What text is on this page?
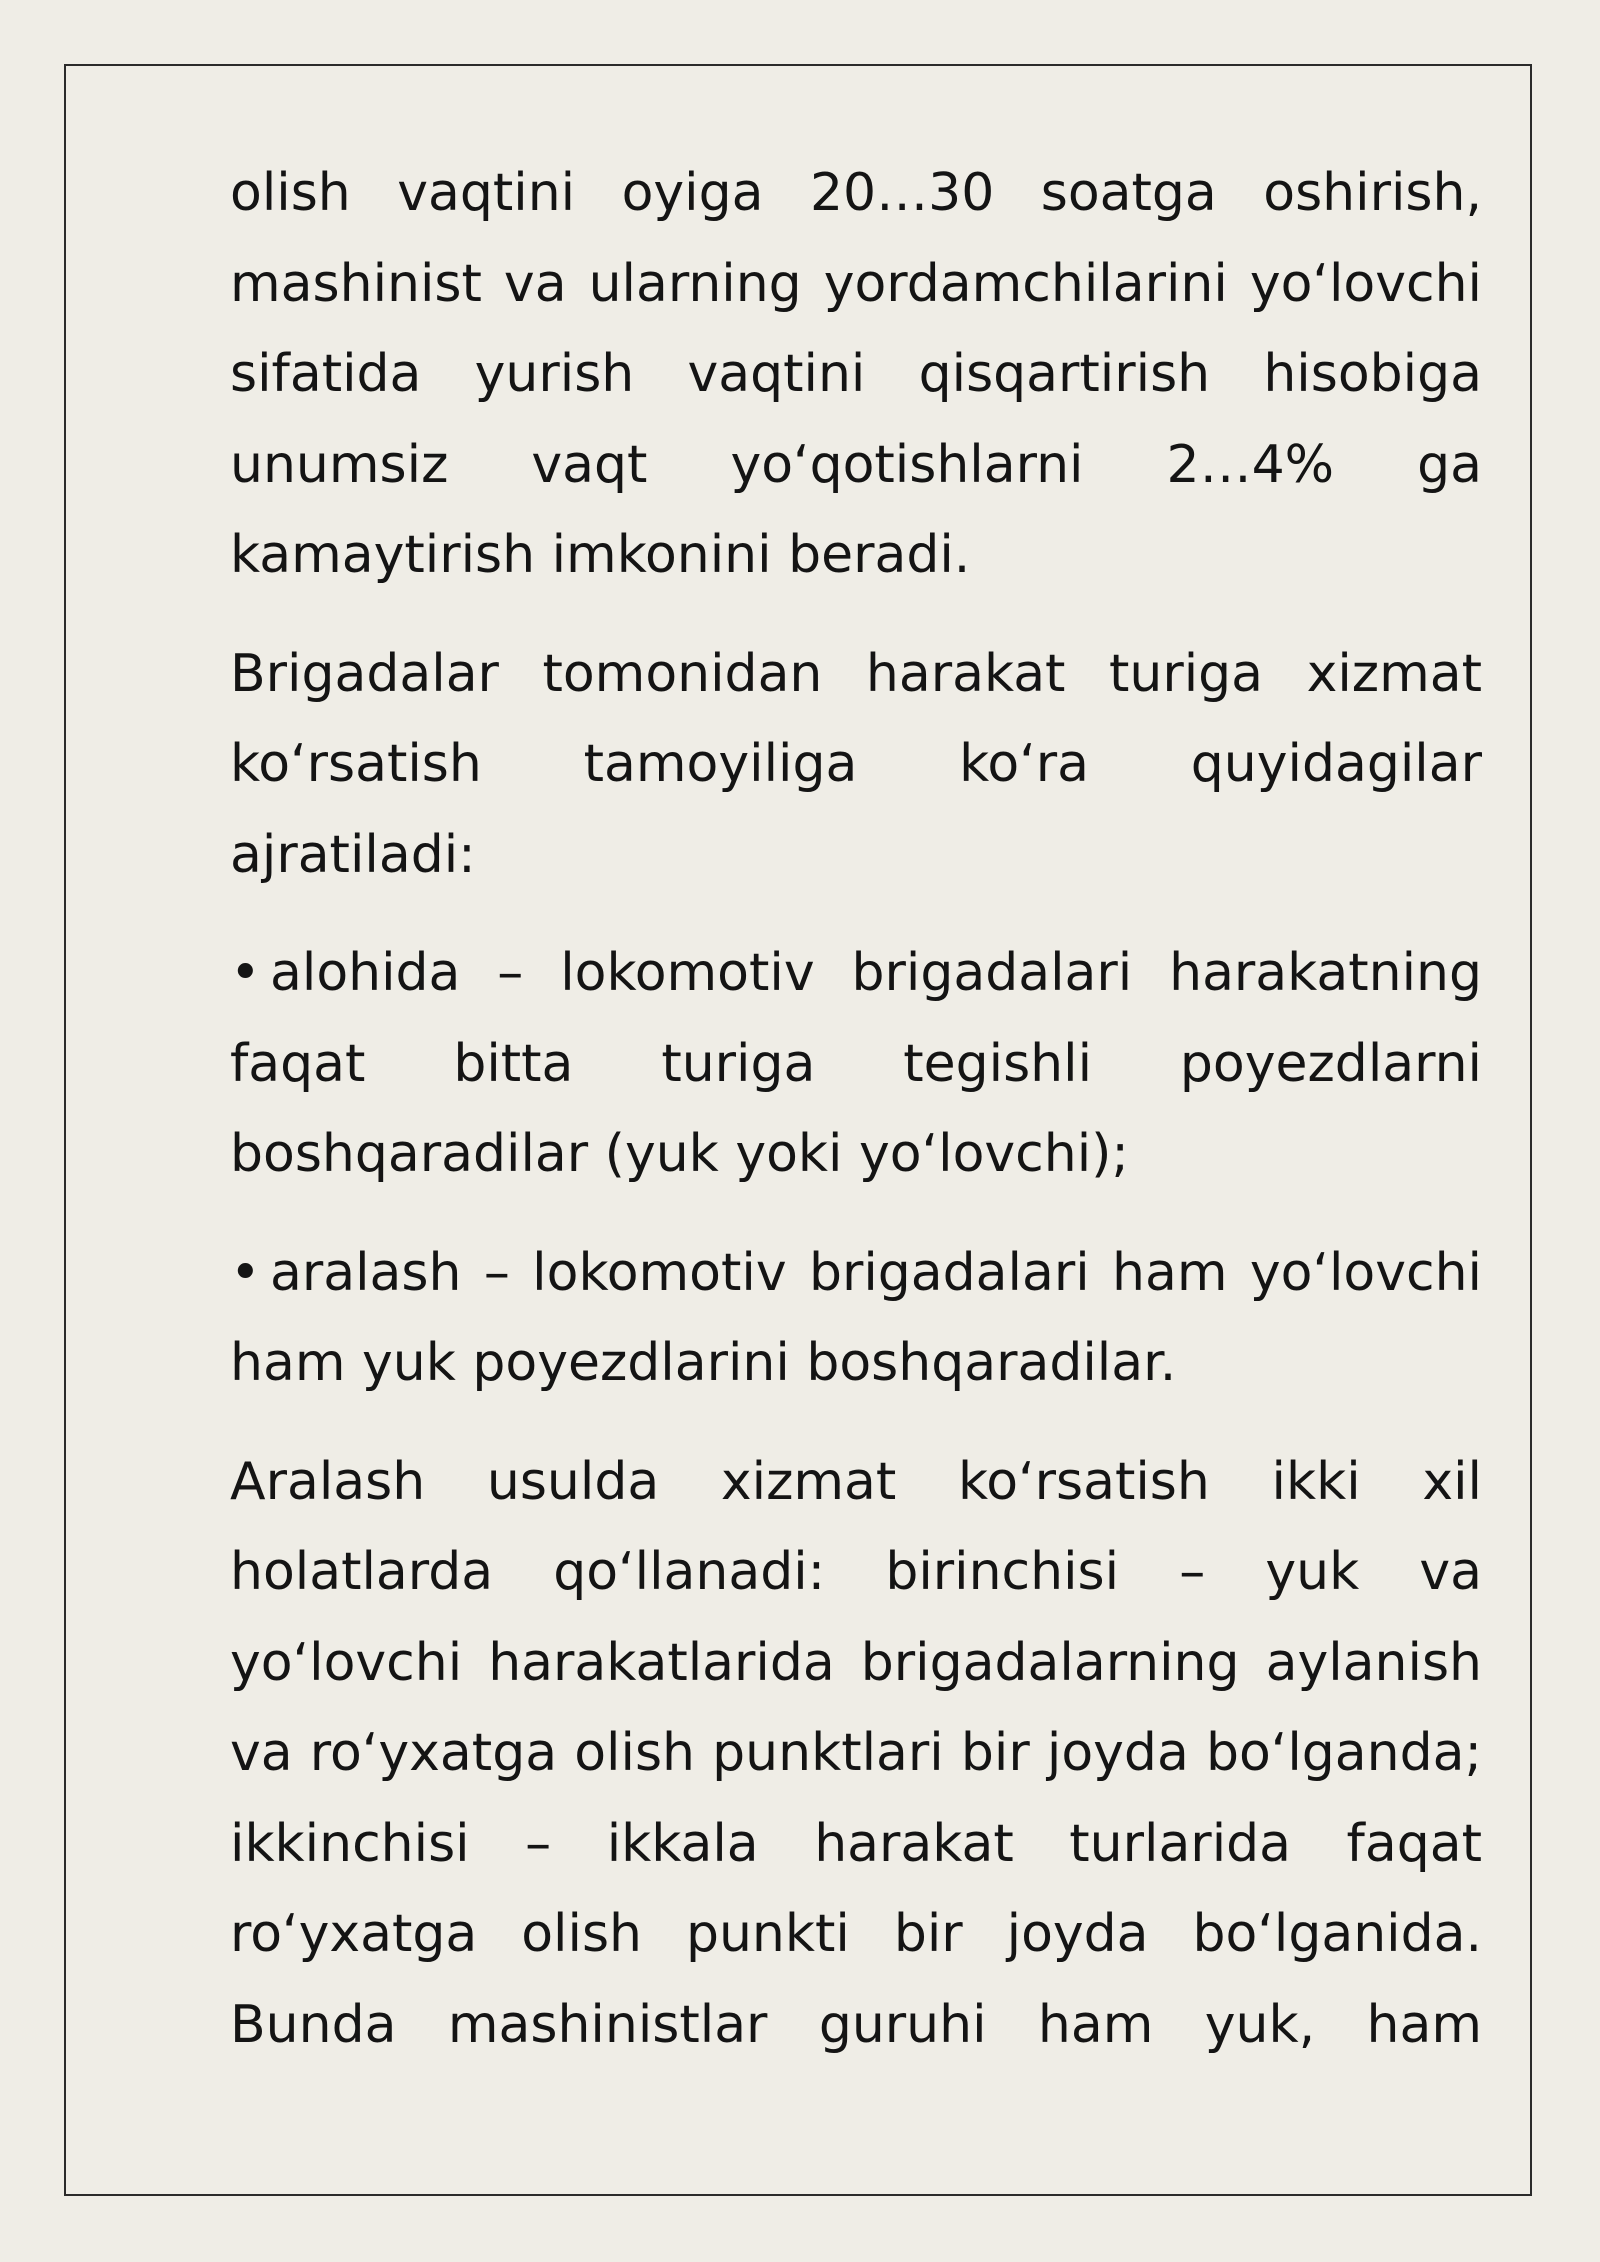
olish vaqtini oyiga 20…30 soatga oshirish, mashinist va ularning yordamchilarini yo‘lovchi sifatida yurish vaqtini qisqartirish hisobiga unumsiz vaqt yo‘qotishlarni 2…4% ga kamaytirish imkonini beradi.

Brigadalar tomonidan harakat turiga xizmat ko‘rsatish tamoyiliga ko‘ra quyidagilar ajratiladi:

• alohida – lokomotiv brigadalari harakatning faqat bitta turiga tegishli poyezdlarni boshqaradilar (yuk yoki yo‘lovchi);

• aralash – lokomotiv brigadalari ham yo‘lovchi ham yuk poyezdlarini boshqaradilar.

Aralash usulda xizmat ko‘rsatish ikki xil holatlarda qo‘llanadi: birinchisi – yuk va yo‘lovchi harakatlarida brigadalarning aylanish va ro‘yxatga olish punktlari bir joyda bo‘lganda; ikkinchisi – ikkala harakat turlarida faqat ro‘yxatga olish punkti bir joyda bo‘lganida. Bunda mashinistlar guruhi ham yuk, ham
